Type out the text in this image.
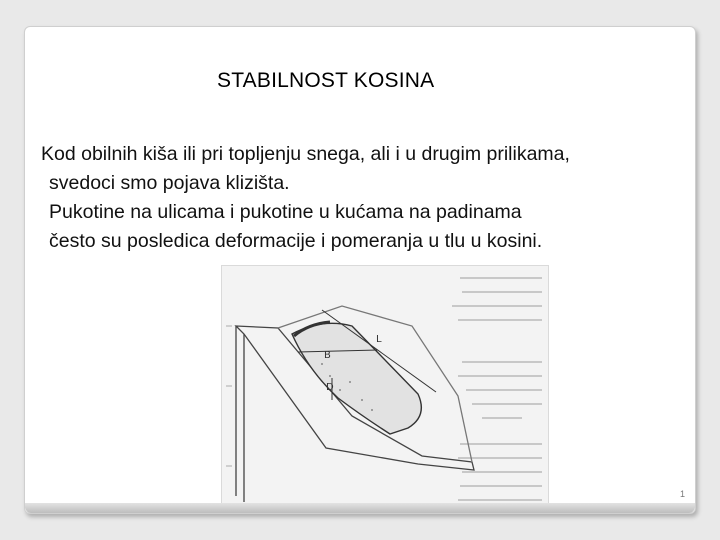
STABILNOST KOSINA
Kod obilnih kiša ili pri topljenju snega, ali i u drugim prilikama,
svedoci smo pojava klizišta.
Pukotine na ulicama i pukotine u kućama na padinama
često su posledica deformacije i pomeranja u tlu u kosini.
L
B
D
1
